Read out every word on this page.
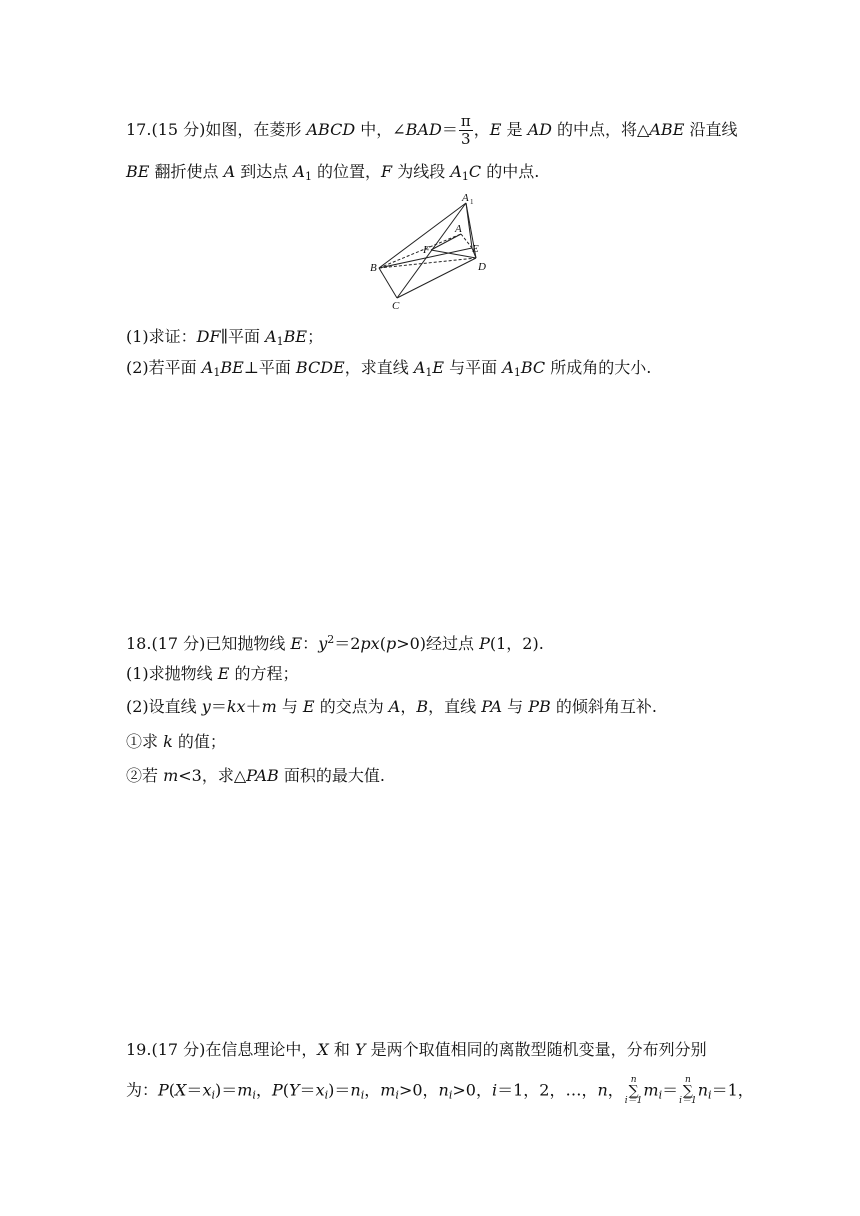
17.(15 分)如图，在菱形 ABCD 中，∠BAD＝ $\frac{\pi}{3}$ ，E 是 AD 的中点，将△ABE 沿直线
BE 翻折使点 A 到达点 $A_1$ 的位置，F 为线段 $A_1C$ 的中点.
A 1
A
E
F
B	D
C
(1)求证：DF∥平面 $A_1BE$；
(2)若平面 $A_1BE\perp$平面 BCDE，求直线 $A_1E$ 与平面 $A_1BC$ 所成角的大小.
18.(17 分)已知抛物线 E：$y^2=2px(p>0)$经过点 P(1，2).
(1)求抛物线 E 的方程；
(2)设直线 y＝kx＋m 与 E 的交点为 A，B，直线 PA 与 PB 的倾斜角互补.
①求 k 的值；
②若 m<3，求△PAB 面积的最大值.
19.(17 分)在信息理论中，X 和 Y 是两个取值相同的离散型随机变量，分布列分别
为：$P(X=x_i)=m_i$，$P(Y=x_i)=n_i$，$m_i>0$，$n_i>0$，i＝1，2，…，n，n
∑
$i=1m_i=n$
∑
$i=1n_i=1$，
